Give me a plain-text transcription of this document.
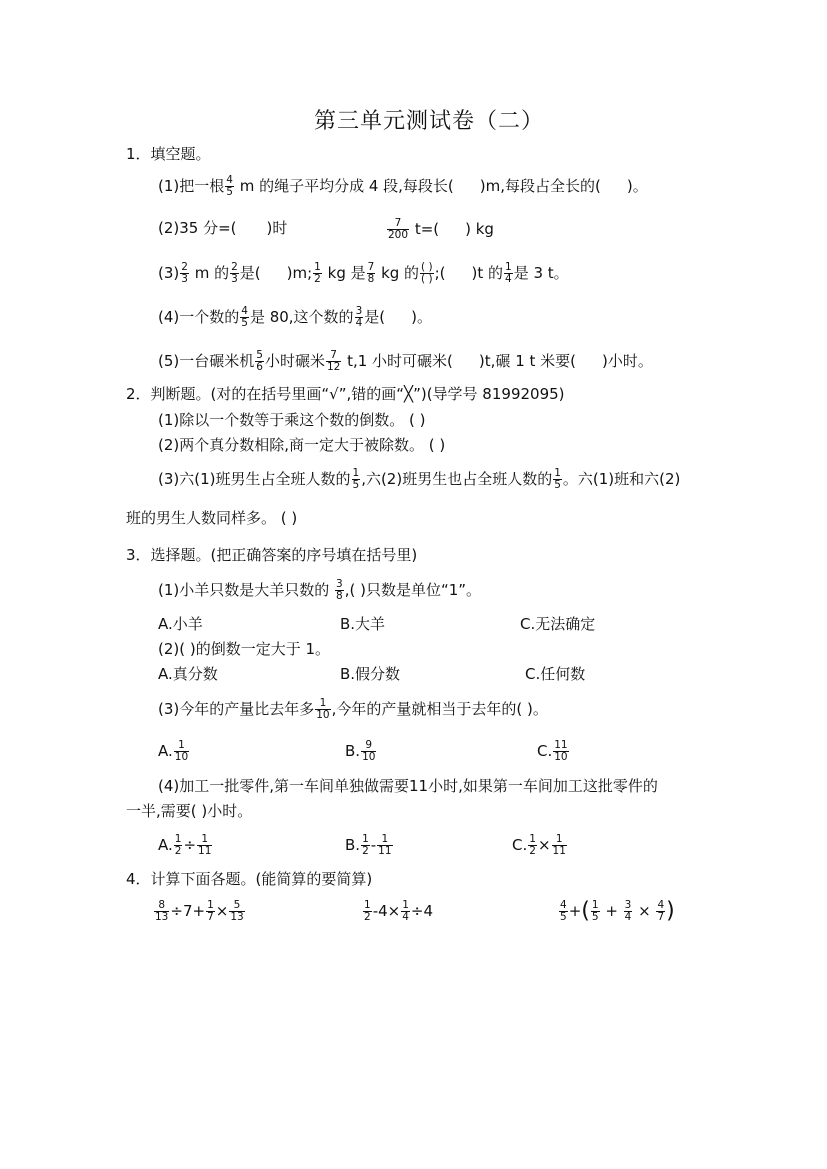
第三单元测试卷（二）
1．填空题。
(1)把一根 $\frac{4}{5}$ m 的绳子平均分成 4 段,每段长( )m,每段占全长的( )。
(2)35 分=( )时	$\frac{7}{200} t=$( ) kg
$(3) \frac{2}{3}$ m 的 $\frac{2}{3}$ 是( )m; $\frac{1}{2}$ kg 是 $\frac{7}{8}$ kg 的 $\frac{( )}{( )}$ ;( )t 的 $\frac{1}{4}$ 是 3 t。
(4)一个数的 $\frac{4}{5}$ 是 80,这个数的 $\frac{3}{4}$ 是( )。
(5)一台碾米机 $\frac{5}{6}$ 小时碾米 $\frac{7}{12} t,1$ 小时可碾米( )t,碾 1 t 米要( )小时。
2．判断题。(对的在括号里画“√”,错的画“╳”)(导学号 81992095)
(1)除以一个数等于乘这个数的倒数。 ( )
(2)两个真分数相除,商一定大于被除数。 ( )
(3)六(1)班男生占全班人数的 $\frac{1}{5}$ ,六(2)班男生也占全班人数的 $\frac{1}{5}$ 。六(1)班和六(2)
班的男生人数同样多。 ( )
3．选择题。(把正确答案的序号填在括号里)
(1)小羊只数是大羊只数的 $\frac{3}{8}$ ,( )只数是单位“1”。
A.小羊	B.大羊	C.无法确定
(2)( )的倒数一定大于 1。
A.真分数	B.假分数	C.任何数
(3)今年的产量比去年多 $\frac{1}{10}$ ,今年的产量就相当于去年的( )。
A. $\frac{1}{10}$	B. $\frac{9}{10}$	C. $\frac{11}{10}$
(4)加工一批零件,第一车间单独做需要11小时,如果第一车间加工这批零件的
一半,需要( )小时。
A. $\frac{1}{2} \div \frac{1}{11}$	B. $\frac{1}{2} - \frac{1}{11}$	C. $\frac{1}{2} \times \frac{1}{11}$
4．计算下面各题。(能简算的要简算)
$\frac{8}{13} \div 7+ \frac{1}{7} \times \frac{5}{13}$	$\frac{1}{2} -4\times \frac{1}{4} \div 4$	$\frac{4}{5}$ +( $\frac{1}{5} + \frac{3}{4} \times \frac{4}{7}$ )
